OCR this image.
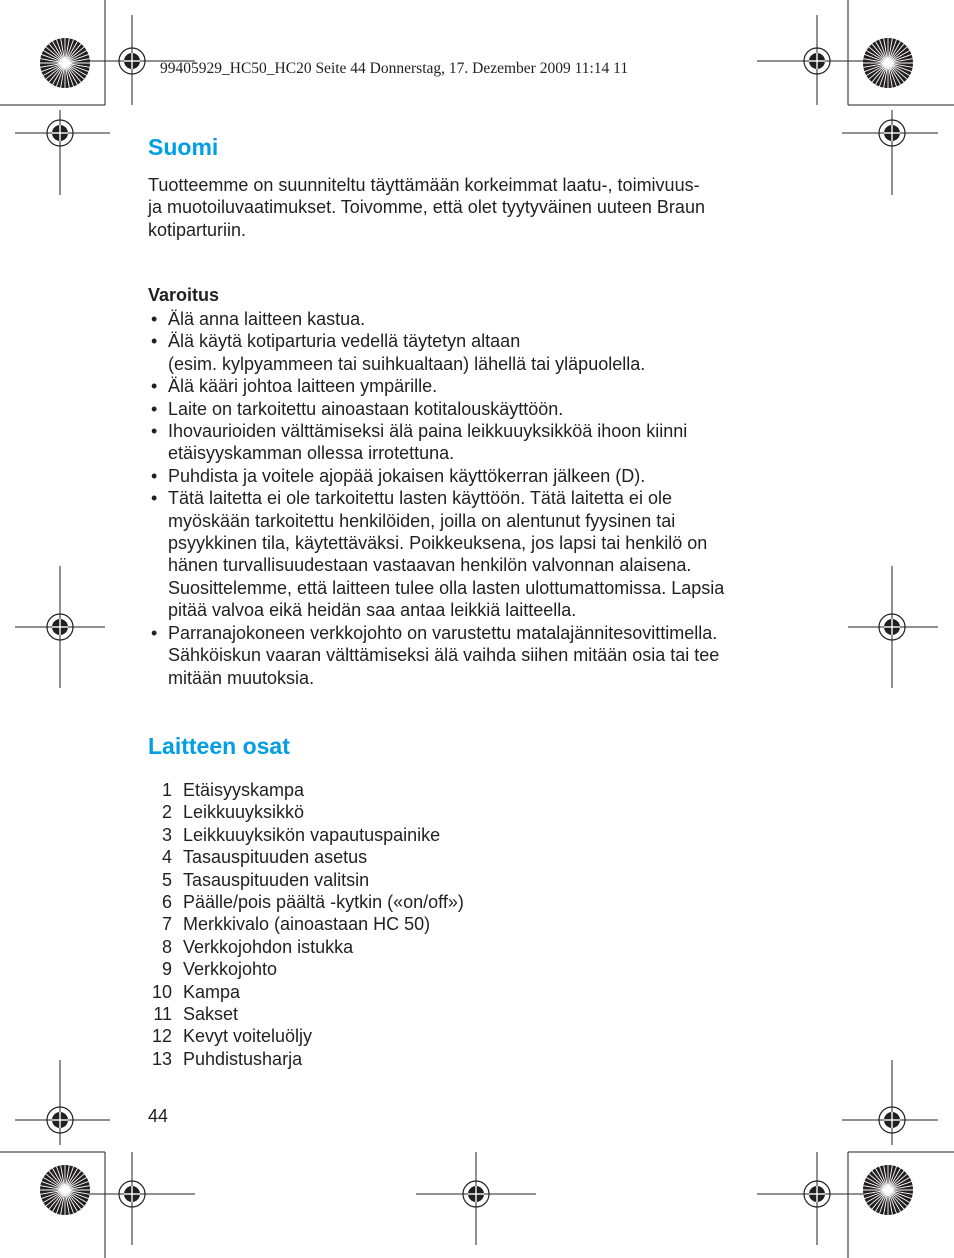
99405929_HC50_HC20 Seite 44 Donnerstag, 17. Dezember 2009 11:14 11
Suomi

Tuotteemme on suunniteltu täyttämään korkeimmat laatu-, toimivuus-

ja muotoiluvaatimukset. Toivomme, että olet tyytyväinen uuteen Braun

kotiparturiin.

Varoitus
• Älä anna laitteen kastua.

• Älä käytä kotiparturia vedellä täytetyn altaan

(esim. kylpyammeen tai suihkualtaan) lähellä tai yläpuolella.

• Älä kääri johtoa laitteen ympärille.

• Laite on tarkoitettu ainoastaan kotitalouskäyttöön.

• Ihovaurioiden välttämiseksi älä paina leikkuuyksikköä ihoon kiinni

etäisyyskamman ollessa irrotettuna.

• Puhdista ja voitele ajopää jokaisen käyttökerran jälkeen (D).

• Tätä laitetta ei ole tarkoitettu lasten käyttöön. Tätä laitetta ei ole

myöskään tarkoitettu henkilöiden, joilla on alentunut fyysinen tai

psyykkinen tila, käytettäväksi. Poikkeuksena, jos lapsi tai henkilö on

hänen turvallisuudestaan vastaavan henkilön valvonnan alaisena.

Suosittelemme, että laitteen tulee olla lasten ulottumattomissa. Lapsia

pitää valvoa eikä heidän saa antaa leikkiä laitteella.

• Parranajokoneen verkkojohto on varustettu matalajännitesovittimella.

Sähköiskun vaaran välttämiseksi älä vaihda siihen mitään osia tai tee

mitään muutoksia.

Laitteen osat
1 Etäisyyskampa
2 Leikkuuyksikkö
3 Leikkuuyksikön vapautuspainike
4 Tasauspituuden asetus
5 Tasauspituuden valitsin
6 Päälle/pois päältä -kytkin («on/off»)
7 Merkkivalo (ainoastaan HC 50)
8 Verkkojohdon istukka
9 Verkkojohto
10 Kampa
11 Sakset
12 Kevyt voiteluöljy
13 Puhdistusharja
44
